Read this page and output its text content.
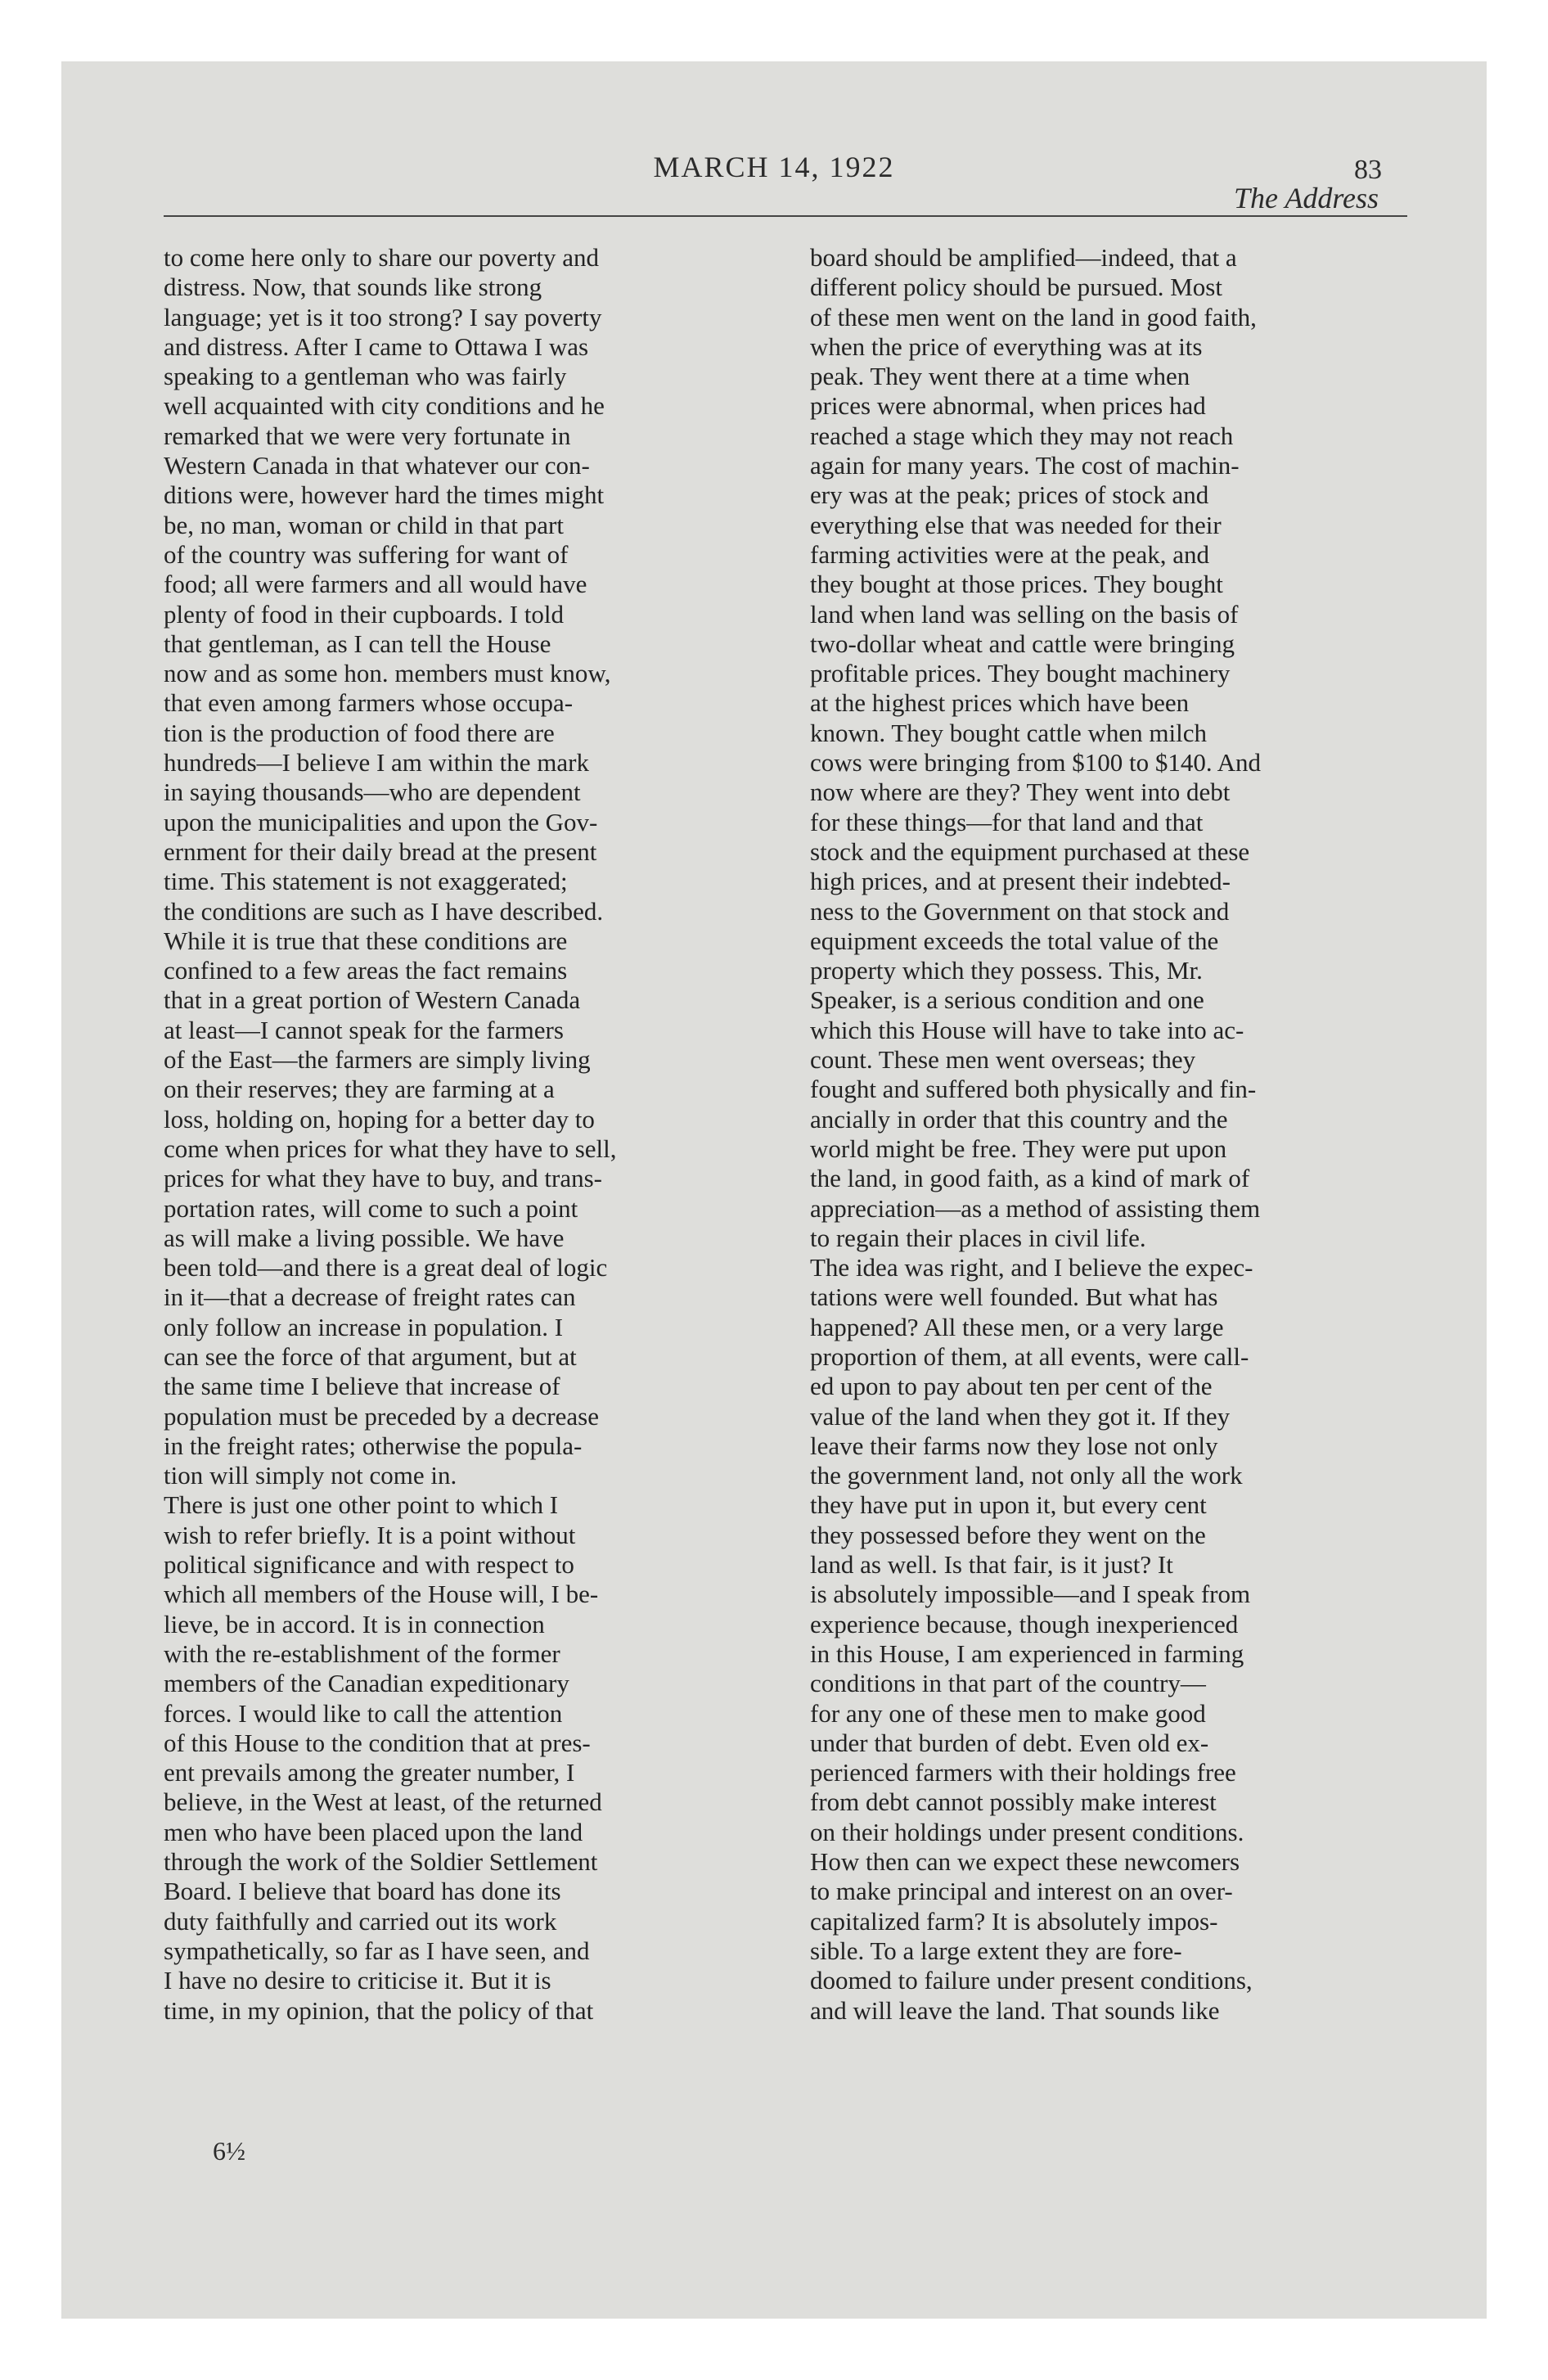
MARCH 14, 1922	83
The Address
to come here only to share our poverty and
distress. Now, that sounds like strong
language; yet is it too strong? I say poverty
and distress. After I came to Ottawa I was
speaking to a gentleman who was fairly
well acquainted with city conditions and he
remarked that we were very fortunate in
Western Canada in that whatever our con-
ditions were, however hard the times might
be, no man, woman or child in that part
of the country was suffering for want of
food; all were farmers and all would have
plenty of food in their cupboards. I told
that gentleman, as I can tell the House
now and as some hon. members must know,
that even among farmers whose occupa-
tion is the production of food there are
hundreds—I believe I am within the mark
in saying thousands—who are dependent
upon the municipalities and upon the Gov-
ernment for their daily bread at the present
time. This statement is not exaggerated;
the conditions are such as I have described.
While it is true that these conditions are
confined to a few areas the fact remains
that in a great portion of Western Canada
at least—I cannot speak for the farmers
of the East—the farmers are simply living
on their reserves; they are farming at a
loss, holding on, hoping for a better day to
come when prices for what they have to sell,
prices for what they have to buy, and trans-
portation rates, will come to such a point
as will make a living possible. We have
been told—and there is a great deal of logic
in it—that a decrease of freight rates can
only follow an increase in population. I
can see the force of that argument, but at
the same time I believe that increase of
population must be preceded by a decrease
in the freight rates; otherwise the popula-
tion will simply not come in.
There is just one other point to which I
wish to refer briefly. It is a point without
political significance and with respect to
which all members of the House will, I be-
lieve, be in accord. It is in connection
with the re-establishment of the former
members of the Canadian expeditionary
forces. I would like to call the attention
of this House to the condition that at pres-
ent prevails among the greater number, I
believe, in the West at least, of the returned
men who have been placed upon the land
through the work of the Soldier Settlement
Board. I believe that board has done its
duty faithfully and carried out its work
sympathetically, so far as I have seen, and
I have no desire to criticise it. But it is
time, in my opinion, that the policy of that
board should be amplified—indeed, that a
different policy should be pursued. Most
of these men went on the land in good faith,
when the price of everything was at its
peak. They went there at a time when
prices were abnormal, when prices had
reached a stage which they may not reach
again for many years. The cost of machin-
ery was at the peak; prices of stock and
everything else that was needed for their
farming activities were at the peak, and
they bought at those prices. They bought
land when land was selling on the basis of
two-dollar wheat and cattle were bringing
profitable prices. They bought machinery
at the highest prices which have been
known. They bought cattle when milch
cows were bringing from $100 to $140. And
now where are they? They went into debt
for these things—for that land and that
stock and the equipment purchased at these
high prices, and at present their indebted-
ness to the Government on that stock and
equipment exceeds the total value of the
property which they possess. This, Mr.
Speaker, is a serious condition and one
which this House will have to take into ac-
count. These men went overseas; they
fought and suffered both physically and fin-
ancially in order that this country and the
world might be free. They were put upon
the land, in good faith, as a kind of mark of
appreciation—as a method of assisting them
to regain their places in civil life.
The idea was right, and I believe the expec-
tations were well founded. But what has
happened? All these men, or a very large
proportion of them, at all events, were call-
ed upon to pay about ten per cent of the
value of the land when they got it. If they
leave their farms now they lose not only
the government land, not only all the work
they have put in upon it, but every cent
they possessed before they went on the
land as well. Is that fair, is it just? It
is absolutely impossible—and I speak from
experience because, though inexperienced
in this House, I am experienced in farming
conditions in that part of the country—
for any one of these men to make good
under that burden of debt. Even old ex-
perienced farmers with their holdings free
from debt cannot possibly make interest
on their holdings under present conditions.
How then can we expect these newcomers
to make principal and interest on an over-
capitalized farm? It is absolutely impos-
sible. To a large extent they are fore-
doomed to failure under present conditions,
and will leave the land. That sounds like
6½
